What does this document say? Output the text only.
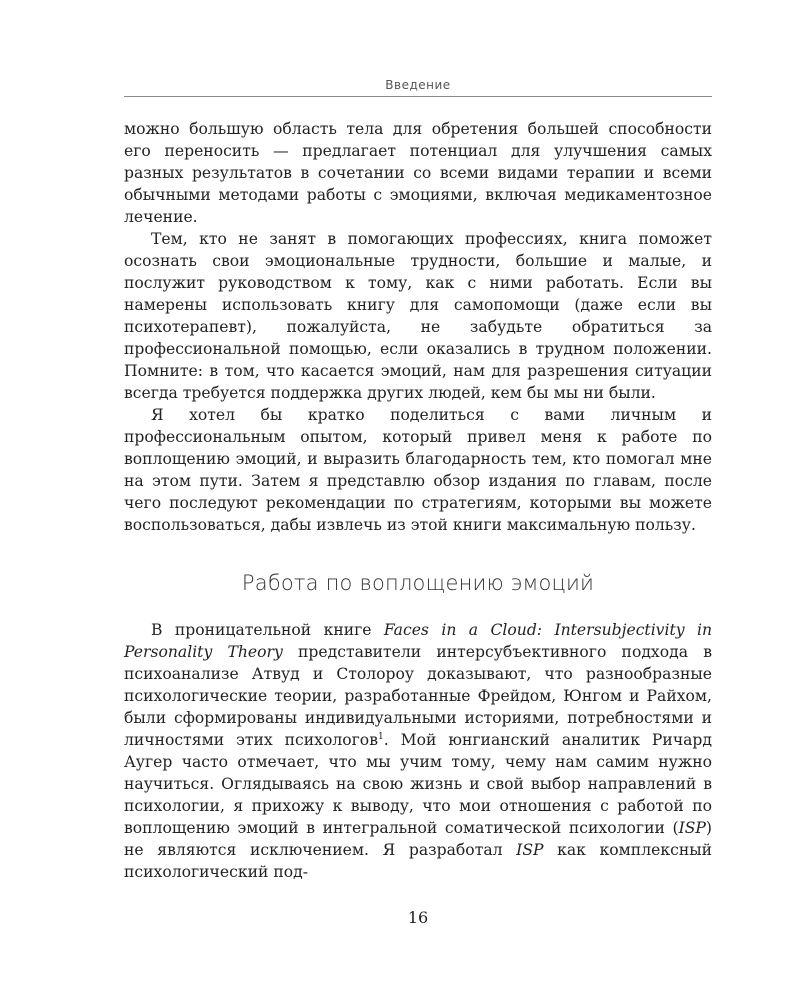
Введение

можно большую область тела для обретения большей способности его переносить — предлагает потенциал для улучшения самых разных результатов в сочетании со всеми видами терапии и всеми обычными методами работы с эмоциями, включая медикаментозное лечение.

Тем, кто не занят в помогающих профессиях, книга поможет осознать свои эмоциональные трудности, большие и малые, и послужит руководством к тому, как с ними работать. Если вы намерены использовать книгу для самопомощи (даже если вы психотерапевт), пожалуйста, не забудьте обратиться за профессиональной помощью, если оказались в трудном положении. Помните: в том, что касается эмоций, нам для разрешения ситуации всегда требуется поддержка других людей, кем бы мы ни были.

Я хотел бы кратко поделиться с вами личным и профессиональным опытом, который привел меня к работе по воплощению эмоций, и выразить благодарность тем, кто помогал мне на этом пути. Затем я представлю обзор издания по главам, после чего последуют рекомендации по стратегиям, которыми вы можете воспользоваться, дабы извлечь из этой книги максимальную пользу.

Работа по воплощению эмоций

В проницательной книге Faces in a Cloud: Intersubjectivity in Personality Theory представители интерсубъективного подхода в психоанализе Атвуд и Столороу доказывают, что разнообразные психологические теории, разработанные Фрейдом, Юнгом и Райхом, были сформированы индивидуальными историями, потребностями и личностями этих психологов$^1$. Мой юнгианский аналитик Ричард Аугер часто отмечает, что мы учим тому, чему нам самим нужно научиться. Оглядываясь на свою жизнь и свой выбор направлений в психологии, я прихожу к выводу, что мои отношения с работой по воплощению эмоций в интегральной соматической психологии (ISP) не являются исключением. Я разработал ISP как комплексный психологический под-

16
